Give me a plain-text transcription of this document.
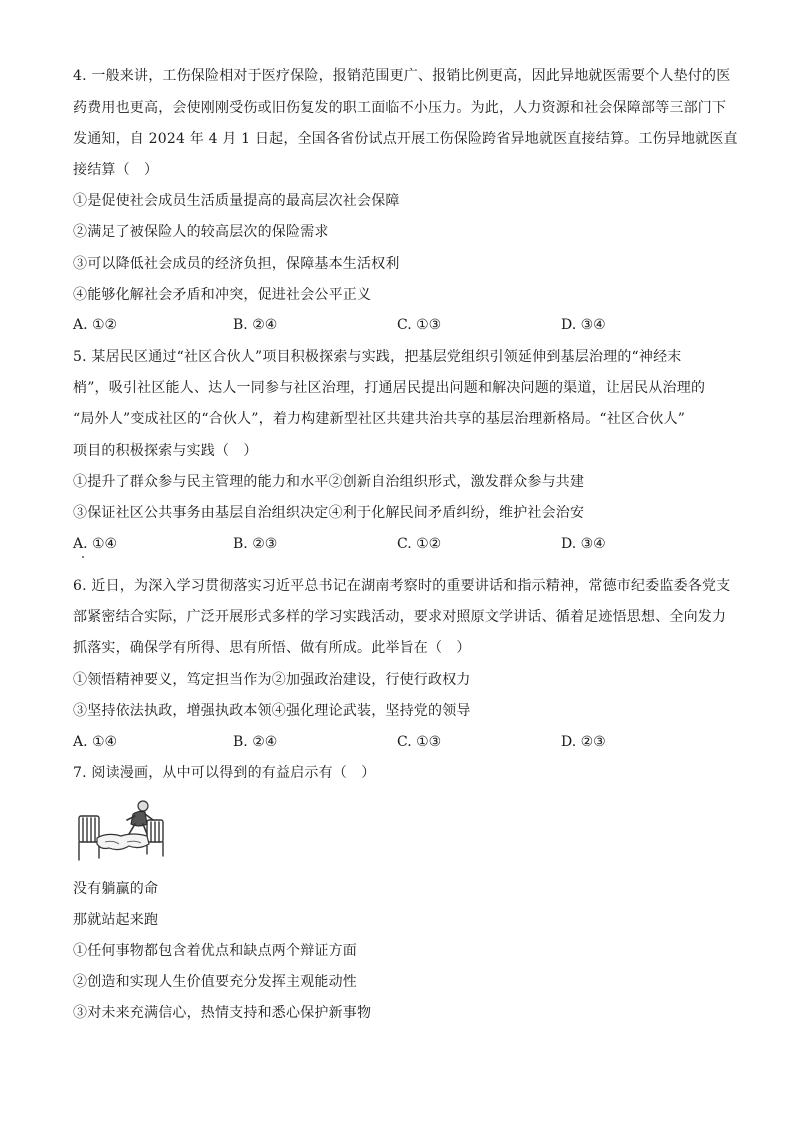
4. 一般来讲，工伤保险相对于医疗保险，报销范围更广、报销比例更高，因此异地就医需要个人垫付的医
药费用也更高，会使刚刚受伤或旧伤复发的职工面临不小压力。为此，人力资源和社会保障部等三部门下
发通知，自 2024 年 4 月 1 日起，全国各省份试点开展工伤保险跨省异地就医直接结算。工伤异地就医直
接结算（　）
①是促使社会成员生活质量提高的最高层次社会保障
②满足了被保险人的较高层次的保险需求
③可以降低社会成员的经济负担，保障基本生活权利
④能够化解社会矛盾和冲突，促进社会公平正义
A. ①②	B. ②④	C. ①③	D. ③④
5. 某居民区通过“社区合伙人”项目积极探索与实践，把基层党组织引领延伸到基层治理的“神经末
梢”，吸引社区能人、达人一同参与社区治理，打通居民提出问题和解决问题的渠道，让居民从治理的
“局外人”变成社区的“合伙人”，着力构建新型社区共建共治共享的基层治理新格局。“社区合伙人”
项目的积极探索与实践（　）
①提升了群众参与民主管理的能力和水平②创新自治组织形式，激发群众参与共建
③保证社区公共事务由基层自治组织决定④利于化解民间矛盾纠纷，维护社会治安
A. ①④	B. ②③	C. ①②	D. ③④
6. 近日，为深入学习贯彻落实习近平总书记在湖南考察时的重要讲话和指示精神，常德市纪委监委各党支
部紧密结合实际，广泛开展形式多样的学习实践活动，要求对照原文学讲话、循着足迹悟思想、全向发力
抓落实，确保学有所得、思有所悟、做有所成。此举旨在（　）
①领悟精神要义，笃定担当作为②加强政治建设，行使行政权力
③坚持依法执政，增强执政本领④强化理论武装，坚持党的领导
A. ①④	B. ②④	C. ①③	D. ②③
7. 阅读漫画，从中可以得到的有益启示有（　）
没有躺赢的命
那就站起来跑
①任何事物都包含着优点和缺点两个辩证方面
②创造和实现人生价值要充分发挥主观能动性
③对未来充满信心，热情支持和悉心保护新事物
